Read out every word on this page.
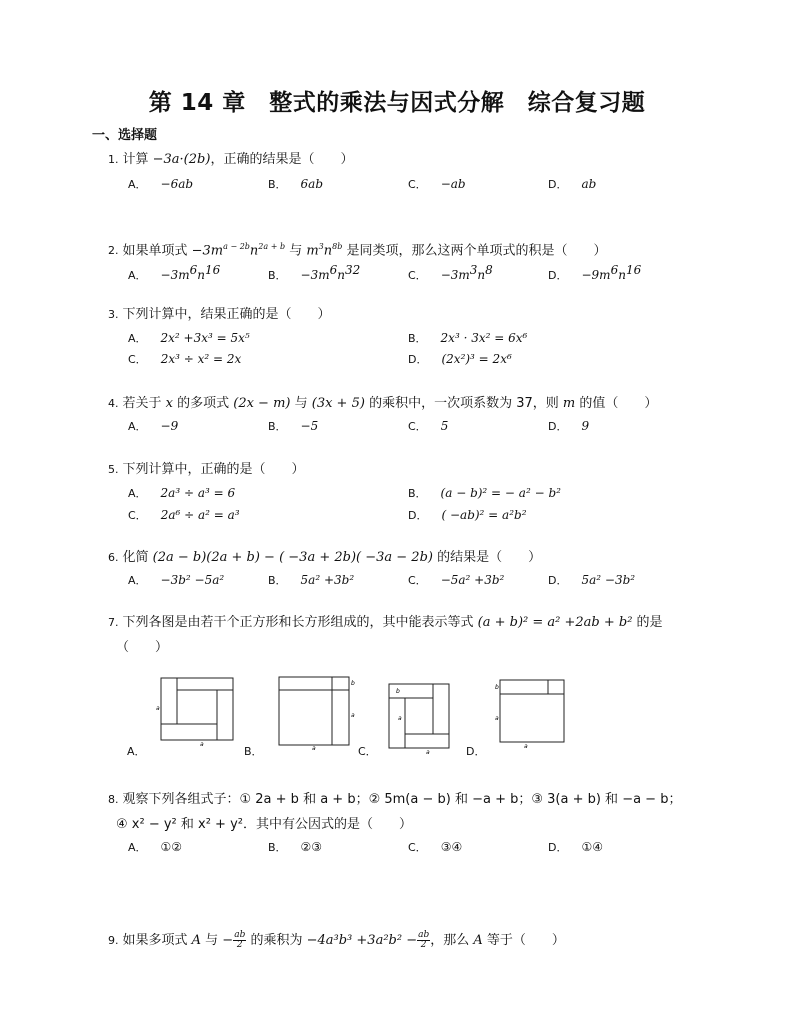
第 14 章　整式的乘法与因式分解　综合复习题
一、选择题
1. 计算 −3a·(2b)，正确的结果是（　　）
A． −6ab	B． 6ab	C． −ab	D． ab
2. 如果单项式 $-3m^{a - 2b}n^{2a + b}$ 与 $m^3n^{8b}$ 是同类项，那么这两个单项式的积是（　　）
A． $-3m^6n^{16}$	B． $-3m^6n^{32}$	C． $-3m^3n^8$	D． $-9m^6n^{16}$
3. 下列计算中，结果正确的是（　　）
A． 2x² +3x³ = 5x⁵	B． 2x³ · 3x² = 6x⁶
C． 2x³ ÷ x² = 2x	D． (2x²)³ = 2x⁶
4. 若关于 x 的多项式 (2x − m) 与 (3x + 5) 的乘积中，一次项系数为 37，则 m 的值（　　）
A． −9	B． −5	C． 5	D． 9
5. 下列计算中，正确的是（　　）
A． 2a³ ÷ a³ = 6	B． (a − b)² = − a² − b²
C． 2a⁶ ÷ a² = a³	D． ( −ab)² = a²b²
6. 化简 (2a − b)(2a + b) − ( −3a + 2b)( −3a − 2b) 的结果是（　　）
A． −3b² −5a²	B． 5a² +3b²	C． −5a² +3b²	D． 5a² −3b²
7. 下列各图是由若干个正方形和长方形组成的，其中能表示等式 (a + b)² = a² +2ab + b² 的是
（　　）
a
a
A．
b
a
a
B．
b
a
a
C．
b
a
a
D．
8. 观察下列各组式子：① 2a + b 和 a + b；② 5m(a − b) 和 −a + b；③ 3(a + b) 和 −a − b；
④ x² − y² 和 x² + y²．其中有公因式的是（　　）
A． ①②	B． ②③	C． ③④	D． ①④
9. 如果多项式 A 与 − $\frac{ab}{2}$ 的乘积为 $-4a^3b^3 +3a^2b^2 - \frac{ab}{2}$ ，那么 A 等于（　　）
